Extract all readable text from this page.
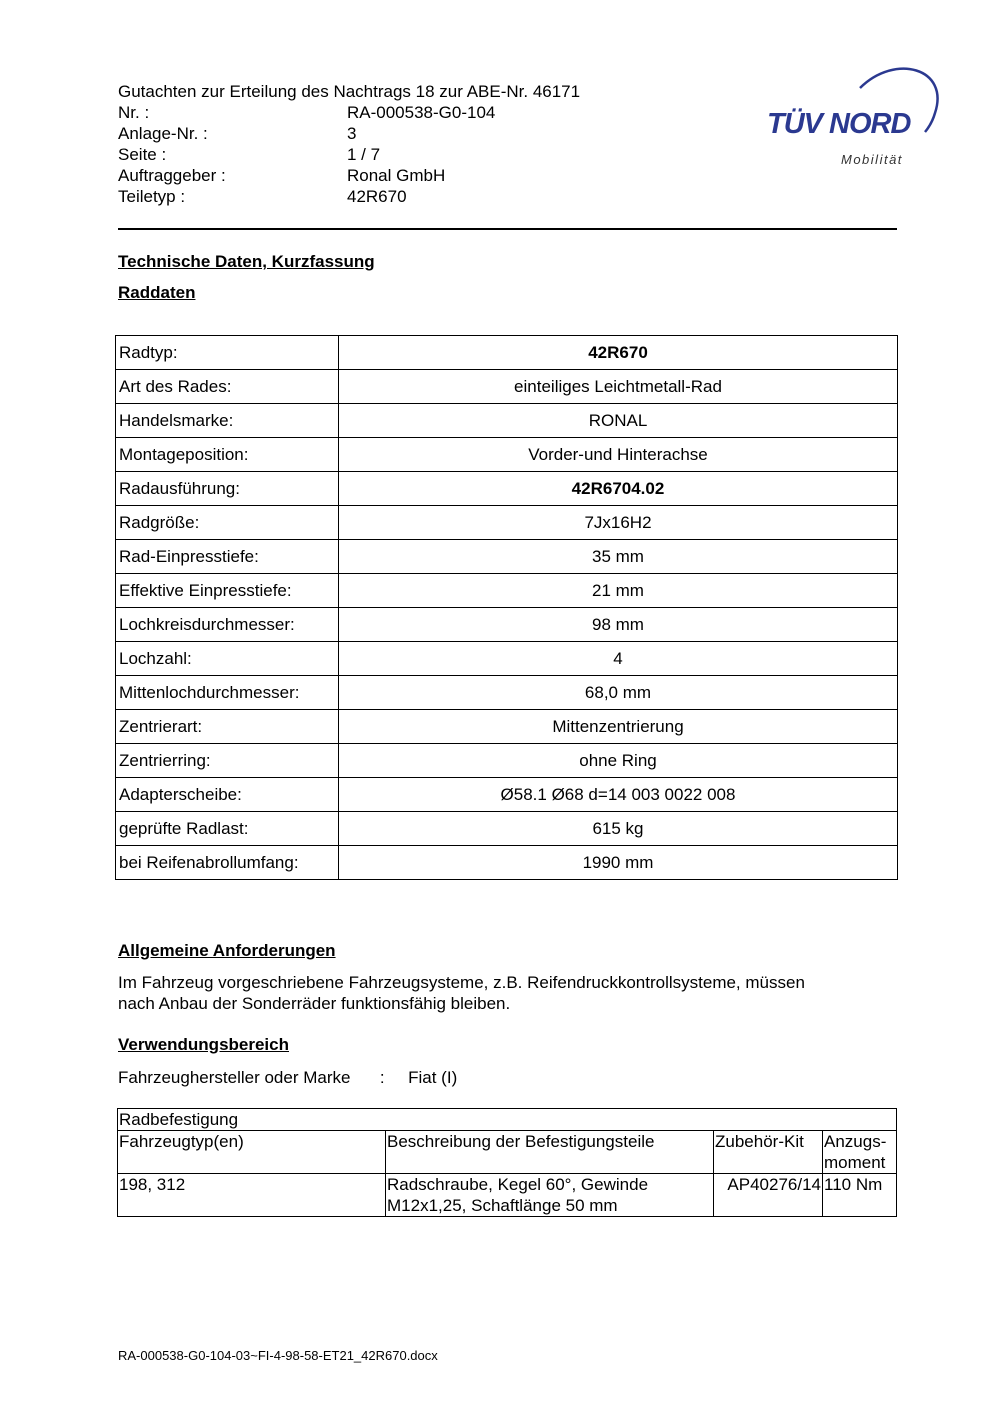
Gutachten zur Erteilung des Nachtrags 18 zur ABE-Nr. 46171
Nr. :	RA-000538-G0-104
Anlage-Nr. :	3
Seite :	1 / 7
Auftraggeber :	Ronal GmbH
Teiletyp :	42R670
TÜV NORD
Mobilität
Technische Daten, Kurzfassung
Raddaten
Radtyp:	42R670
Art des Rades:	einteiliges Leichtmetall-Rad
Handelsmarke:	RONAL
Montageposition:	Vorder-und Hinterachse
Radausführung:	42R6704.02
Radgröße:	7Jx16H2
Rad-Einpresstiefe:	35 mm
Effektive Einpresstiefe:	21 mm
Lochkreisdurchmesser:	98 mm
Lochzahl:	4
Mittenlochdurchmesser:	68,0 mm
Zentrierart:	Mittenzentrierung
Zentrierring:	ohne Ring
Adapterscheibe:	Ø58.1 Ø68 d=14 003 0022 008
geprüfte Radlast:	615 kg
bei Reifenabrollumfang:	1990 mm
Allgemeine Anforderungen
Im Fahrzeug vorgeschriebene Fahrzeugsysteme, z.B. Reifendruckkontrollsysteme, müssen
nach Anbau der Sonderräder funktionsfähig bleiben.
Verwendungsbereich
Fahrzeughersteller oder Marke : Fiat (I)
Radbefestigung			
Fahrzeugtyp(en)	Beschreibung der Befestigungsteile	Zubehör-Kit	Anzugs-
moment
198, 312	Radschraube, Kegel 60°, Gewinde
M12x1,25, Schaftlänge 50 mm	AP40276/14	110 Nm
RA-000538-G0-104-03~FI-4-98-58-ET21_42R670.docx
